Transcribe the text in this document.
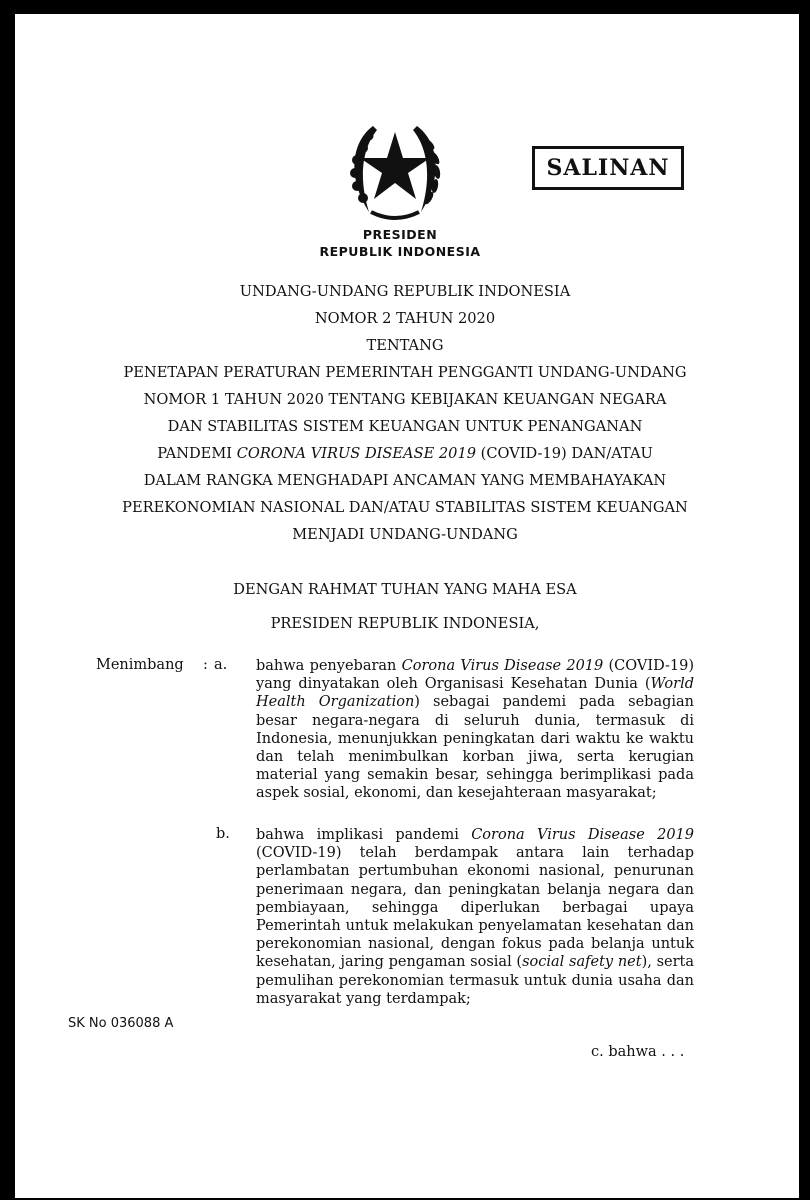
SALINAN
PRESIDEN
REPUBLIK INDONESIA
UNDANG-UNDANG REPUBLIK INDONESIA
NOMOR 2 TAHUN 2020
TENTANG
PENETAPAN PERATURAN PEMERINTAH PENGGANTI UNDANG-UNDANG
NOMOR 1 TAHUN 2020 TENTANG KEBIJAKAN KEUANGAN NEGARA
DAN STABILITAS SISTEM KEUANGAN UNTUK PENANGANAN
PANDEMI CORONA VIRUS DISEASE 2019 (COVID-19) DAN/ATAU
DALAM RANGKA MENGHADAPI ANCAMAN YANG MEMBAHAYAKAN
PEREKONOMIAN NASIONAL DAN/ATAU STABILITAS SISTEM KEUANGAN
MENJADI UNDANG-UNDANG
DENGAN RAHMAT TUHAN YANG MAHA ESA
PRESIDEN REPUBLIK INDONESIA,
Menimbang : a. bahwa penyebaran Corona Virus Disease 2019 (COVID-19) yang dinyatakan oleh Organisasi Kesehatan Dunia (World Health Organization) sebagai pandemi pada sebagian besar negara-negara di seluruh dunia, termasuk di Indonesia, menunjukkan peningkatan dari waktu ke waktu dan telah menimbulkan korban jiwa, serta kerugian material yang semakin besar, sehingga berimplikasi pada aspek sosial, ekonomi, dan kesejahteraan masyarakat;
b. bahwa implikasi pandemi Corona Virus Disease 2019 (COVID-19) telah berdampak antara lain terhadap perlambatan pertumbuhan ekonomi nasional, penurunan penerimaan negara, dan peningkatan belanja negara dan pembiayaan, sehingga diperlukan berbagai upaya Pemerintah untuk melakukan penyelamatan kesehatan dan perekonomian nasional, dengan fokus pada belanja untuk kesehatan, jaring pengaman sosial (social safety net), serta pemulihan perekonomian termasuk untuk dunia usaha dan masyarakat yang terdampak;
c. bahwa . . .
SK No 036088 A
